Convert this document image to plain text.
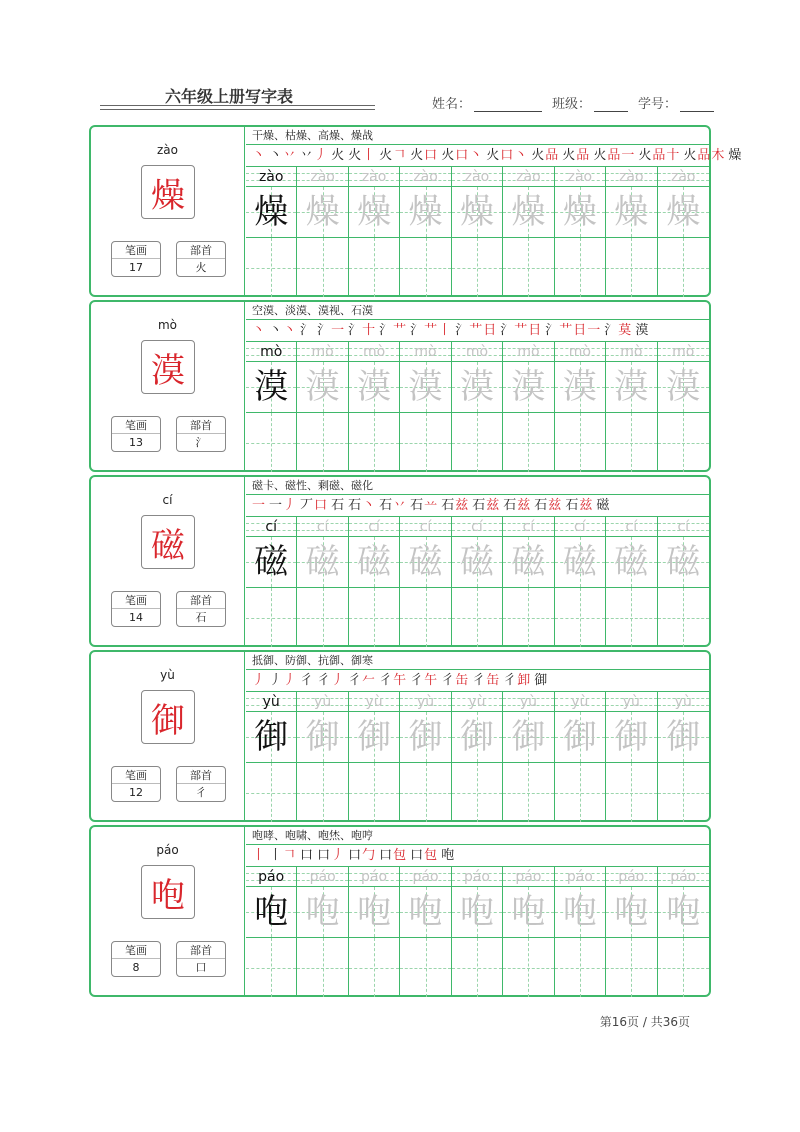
六年级上册写字表	姓名：	班级：	学号：
zào
燥
笔画
17
部首
火
干燥、枯燥、高燥、燥战
丶 丶丷 丷丿 火 火丨 火𠃍 火口 火口丶 火口丶 火品 火品 火品一 火品十 火品木 燥
zào
燥
zào
燥
zào
燥
zào
燥
zào
燥
zào
燥
zào
燥
zào
燥
zào
燥
mò
漠
笔画
13
部首
氵
空漠、淡漠、漠视、石漠
丶 丶丶 氵 氵一 氵十 氵艹 氵艹丨 氵艹日 氵艹日 氵艹日一 氵莫 漠
mò
漠
mò
漠
mò
漠
mò
漠
mò
漠
mò
漠
mò
漠
mò
漠
mò
漠
cí
磁
笔画
14
部首
石
磁卡、磁性、剩磁、磁化
一 一丿 丆口 石 石丶 石丷 石䒑 石兹 石兹 石兹 石兹 石兹 磁
cí
磁
cí
磁
cí
磁
cí
磁
cí
磁
cí
磁
cí
磁
cí
磁
cí
磁
yù
御
笔画
12
部首
彳
抵御、防御、抗御、御寒
丿 丿丿 彳 彳丿 彳𠂉 彳午 彳午 彳缶 彳缶 彳卸 御
yù
御
yù
御
yù
御
yù
御
yù
御
yù
御
yù
御
yù
御
yù
御
páo
咆
笔画
8
部首
口
咆哮、咆啸、咆烋、咆哼
丨 丨𠃍 口 口丿 口勹 口包 口包 咆
páo
咆
páo
咆
páo
咆
páo
咆
páo
咆
páo
咆
páo
咆
páo
咆
páo
咆
第16页 / 共36页
